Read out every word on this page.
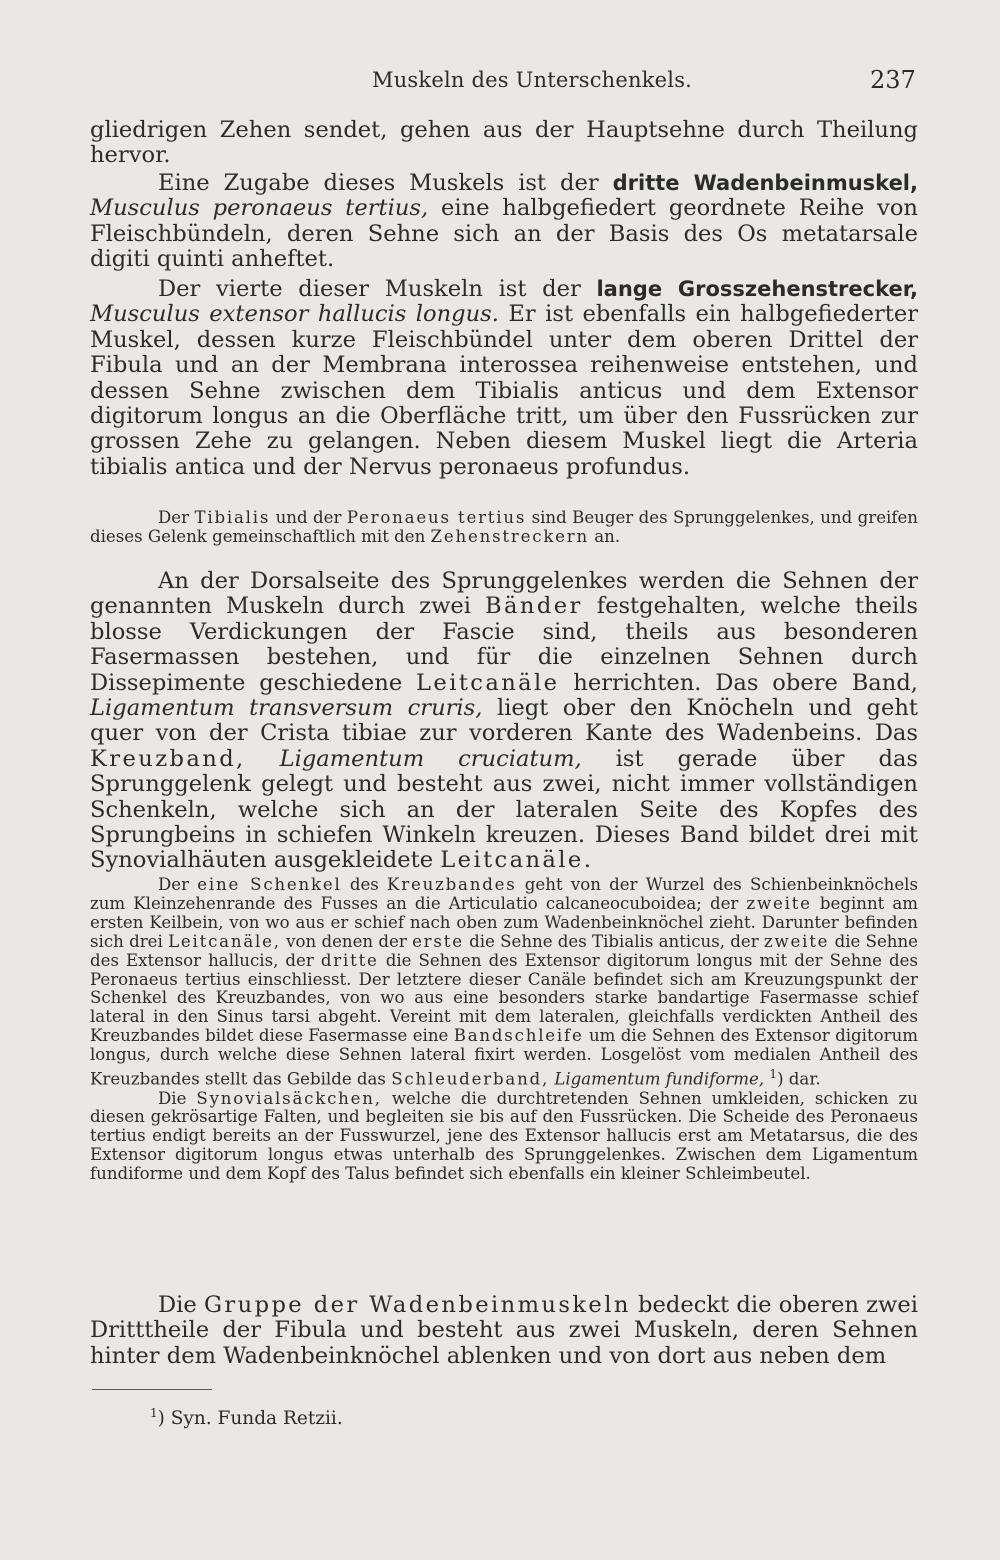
Muskeln des Unterschenkels.	237

gliedrigen Zehen sendet, gehen aus der Hauptsehne durch Theilung hervor.

Eine Zugabe dieses Muskels ist der dritte Wadenbeinmuskel, Musculus peronaeus tertius, eine halbgefiedert geordnete Reihe von Fleischbündeln, deren Sehne sich an der Basis des Os metatarsale digiti quinti anheftet.

Der vierte dieser Muskeln ist der lange Grosszehenstrecker, Musculus extensor hallucis longus. Er ist ebenfalls ein halbgefiederter Muskel, dessen kurze Fleischbündel unter dem oberen Drittel der Fibula und an der Membrana interossea reihenweise entstehen, und dessen Sehne zwischen dem Tibialis anticus und dem Extensor digitorum longus an die Oberfläche tritt, um über den Fussrücken zur grossen Zehe zu gelangen. Neben diesem Muskel liegt die Arteria tibialis antica und der Nervus peronaeus profundus.

Der Tibialis und der Peronaeus tertius sind Beuger des Sprunggelenkes, und greifen dieses Gelenk gemeinschaftlich mit den Zehenstreckern an.

An der Dorsalseite des Sprunggelenkes werden die Sehnen der genannten Muskeln durch zwei Bänder festgehalten, welche theils blosse Verdickungen der Fascie sind, theils aus besonderen Fasermassen bestehen, und für die einzelnen Sehnen durch Dissepimente geschiedene Leitcanäle herrichten. Das obere Band, Ligamentum transversum cruris, liegt ober den Knöcheln und geht quer von der Crista tibiae zur vorderen Kante des Wadenbeins. Das Kreuzband, Ligamentum cruciatum, ist gerade über das Sprunggelenk gelegt und besteht aus zwei, nicht immer vollständigen Schenkeln, welche sich an der lateralen Seite des Kopfes des Sprungbeins in schiefen Winkeln kreuzen. Dieses Band bildet drei mit Synovialhäuten ausgekleidete Leitcanäle.

Der eine Schenkel des Kreuzbandes geht von der Wurzel des Schienbeinknöchels zum Kleinzehenrande des Fusses an die Articulatio calcaneocuboidea; der zweite beginnt am ersten Keilbein, von wo aus er schief nach oben zum Wadenbeinknöchel zieht. Darunter befinden sich drei Leitcanäle, von denen der erste die Sehne des Tibialis anticus, der zweite die Sehne des Extensor hallucis, der dritte die Sehnen des Extensor digitorum longus mit der Sehne des Peronaeus tertius einschliesst. Der letztere dieser Canäle befindet sich am Kreuzungspunkt der Schenkel des Kreuzbandes, von wo aus eine besonders starke bandartige Fasermasse schief lateral in den Sinus tarsi abgeht. Vereint mit dem lateralen, gleichfalls verdickten Antheil des Kreuzbandes bildet diese Fasermasse eine Bandschleife um die Sehnen des Extensor digitorum longus, durch welche diese Sehnen lateral fixirt werden. Losgelöst vom medialen Antheil des Kreuzbandes stellt das Gebilde das Schleuderband, Ligamentum fundiforme, $^1$) dar.

Die Synovialsäckchen, welche die durchtretenden Sehnen umkleiden, schicken zu diesen gekrösartige Falten, und begleiten sie bis auf den Fussrücken. Die Scheide des Peronaeus tertius endigt bereits an der Fusswurzel, jene des Extensor hallucis erst am Metatarsus, die des Extensor digitorum longus etwas unterhalb des Sprunggelenkes. Zwischen dem Ligamentum fundiforme und dem Kopf des Talus befindet sich ebenfalls ein kleiner Schleimbeutel.

Die Gruppe der Wadenbeinmuskeln bedeckt die oberen zwei Dritttheile der Fibula und besteht aus zwei Muskeln, deren Sehnen hinter dem Wadenbeinknöchel ablenken und von dort aus neben dem

$^1$) Syn. Funda Retzii.
